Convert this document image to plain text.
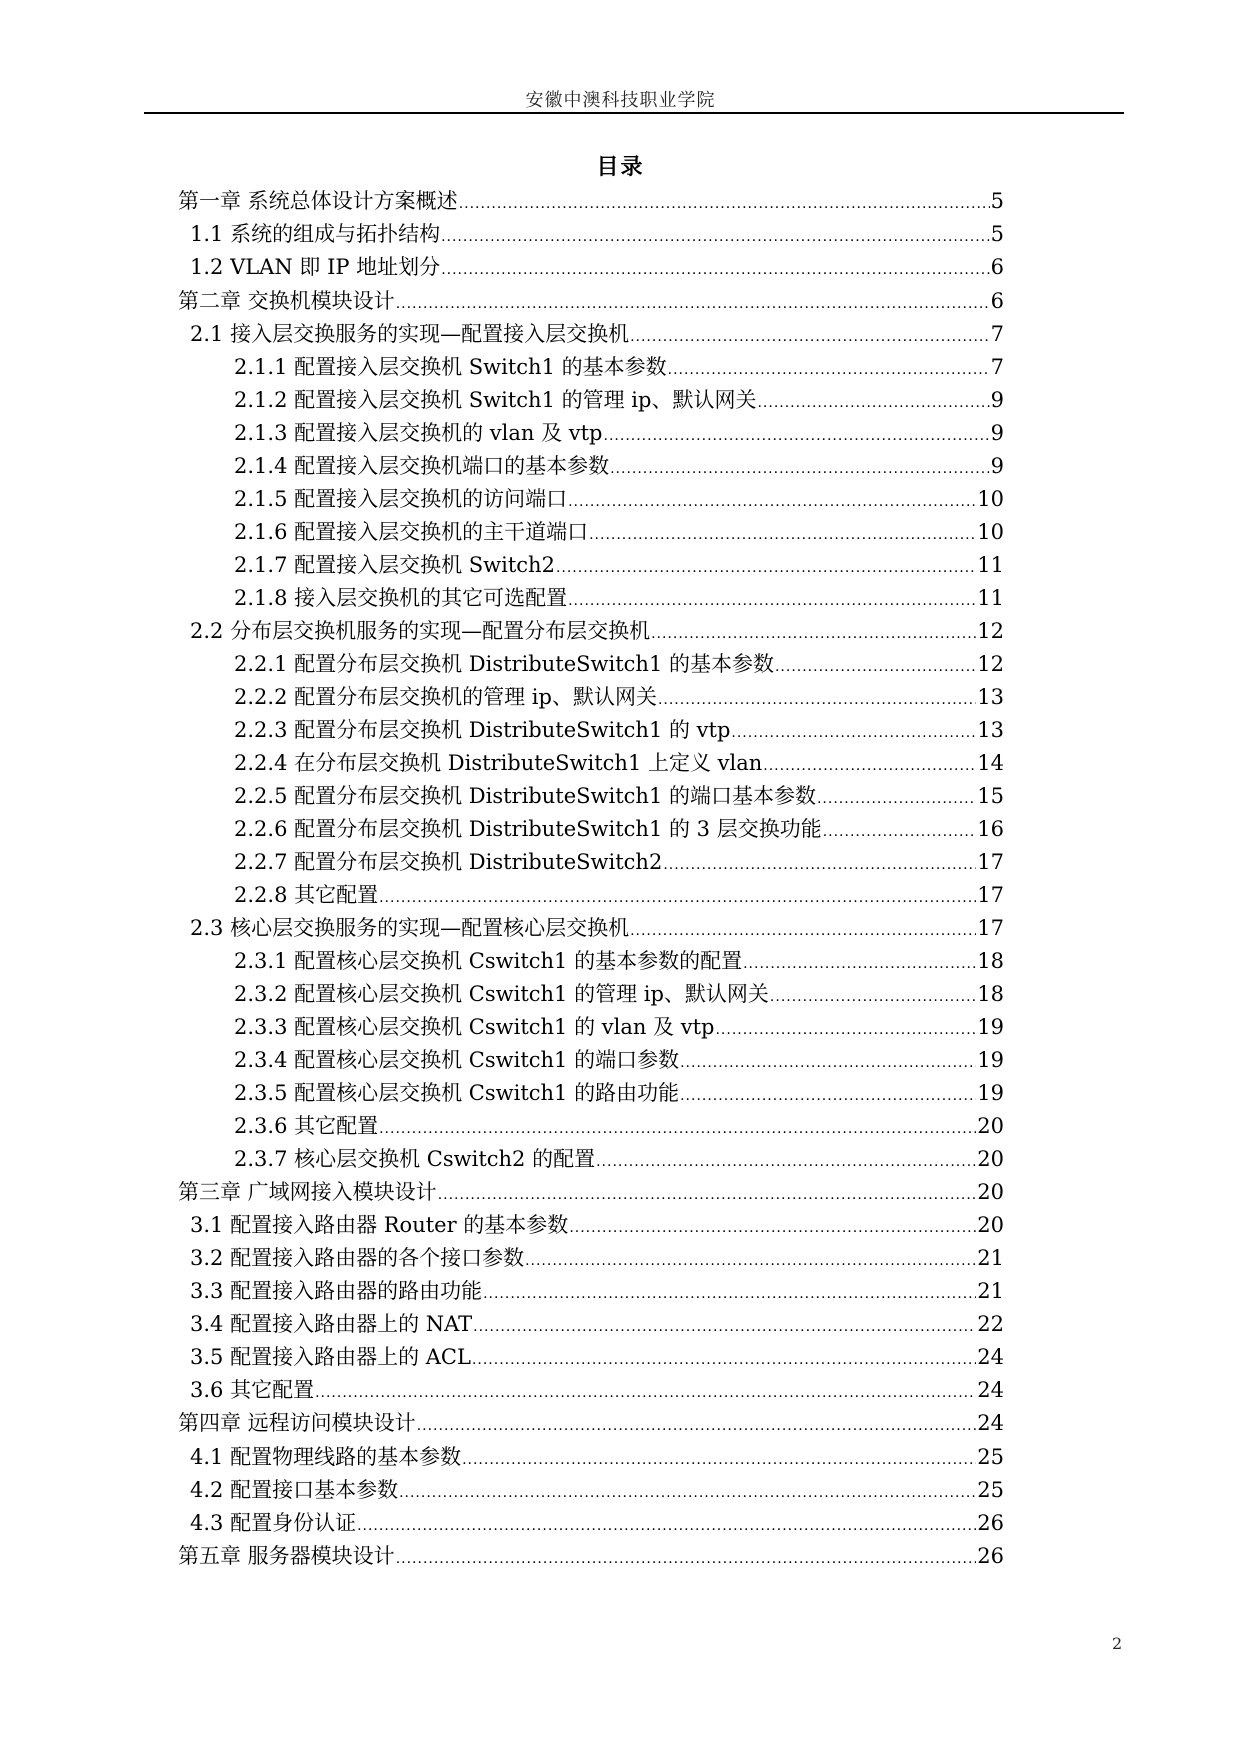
安徽中澳科技职业学院
目录
第一章 系统总体设计方案概述 .....	5
1.1 系统的组成与拓扑结构 .....	5
1.2 VLAN 即 IP 地址划分 .....	6
第二章 交换机模块设计 .....	6
2.1 接入层交换服务的实现—配置接入层交换机 .....	7
2.1.1 配置接入层交换机 Switch1 的基本参数 .....	7
2.1.2 配置接入层交换机 Switch1 的管理 ip、默认网关 .....	9
2.1.3 配置接入层交换机的 vlan 及 vtp .....	9
2.1.4 配置接入层交换机端口的基本参数 .....	9
2.1.5 配置接入层交换机的访问端口 .....	10
2.1.6 配置接入层交换机的主干道端口 .....	10
2.1.7 配置接入层交换机 Switch2 .....	11
2.1.8 接入层交换机的其它可选配置 .....	11
2.2 分布层交换机服务的实现—配置分布层交换机 .....	12
2.2.1 配置分布层交换机 DistributeSwitch1 的基本参数 .....	12
2.2.2 配置分布层交换机的管理 ip、默认网关 .....	13
2.2.3 配置分布层交换机 DistributeSwitch1 的 vtp .....	13
2.2.4 在分布层交换机 DistributeSwitch1 上定义 vlan .....	14
2.2.5 配置分布层交换机 DistributeSwitch1 的端口基本参数 .....	15
2.2.6 配置分布层交换机 DistributeSwitch1 的 3 层交换功能 .....	16
2.2.7 配置分布层交换机 DistributeSwitch2 .....	17
2.2.8 其它配置 .....	17
2.3 核心层交换服务的实现—配置核心层交换机 .....	17
2.3.1 配置核心层交换机 Cswitch1 的基本参数的配置 .....	18
2.3.2 配置核心层交换机 Cswitch1 的管理 ip、默认网关 .....	18
2.3.3 配置核心层交换机 Cswitch1 的 vlan 及 vtp .....	19
2.3.4 配置核心层交换机 Cswitch1 的端口参数 .....	19
2.3.5 配置核心层交换机 Cswitch1 的路由功能 .....	19
2.3.6 其它配置 .....	20
2.3.7 核心层交换机 Cswitch2 的配置 .....	20
第三章 广域网接入模块设计 .....	20
3.1 配置接入路由器 Router 的基本参数 .....	20
3.2 配置接入路由器的各个接口参数 .....	21
3.3 配置接入路由器的路由功能 .....	21
3.4 配置接入路由器上的 NAT .....	22
3.5 配置接入路由器上的 ACL .....	24
3.6 其它配置 .....	24
第四章 远程访问模块设计 .....	24
4.1 配置物理线路的基本参数 .....	25
4.2 配置接口基本参数 .....	25
4.3 配置身份认证 .....	26
第五章 服务器模块设计 .....	26
2
